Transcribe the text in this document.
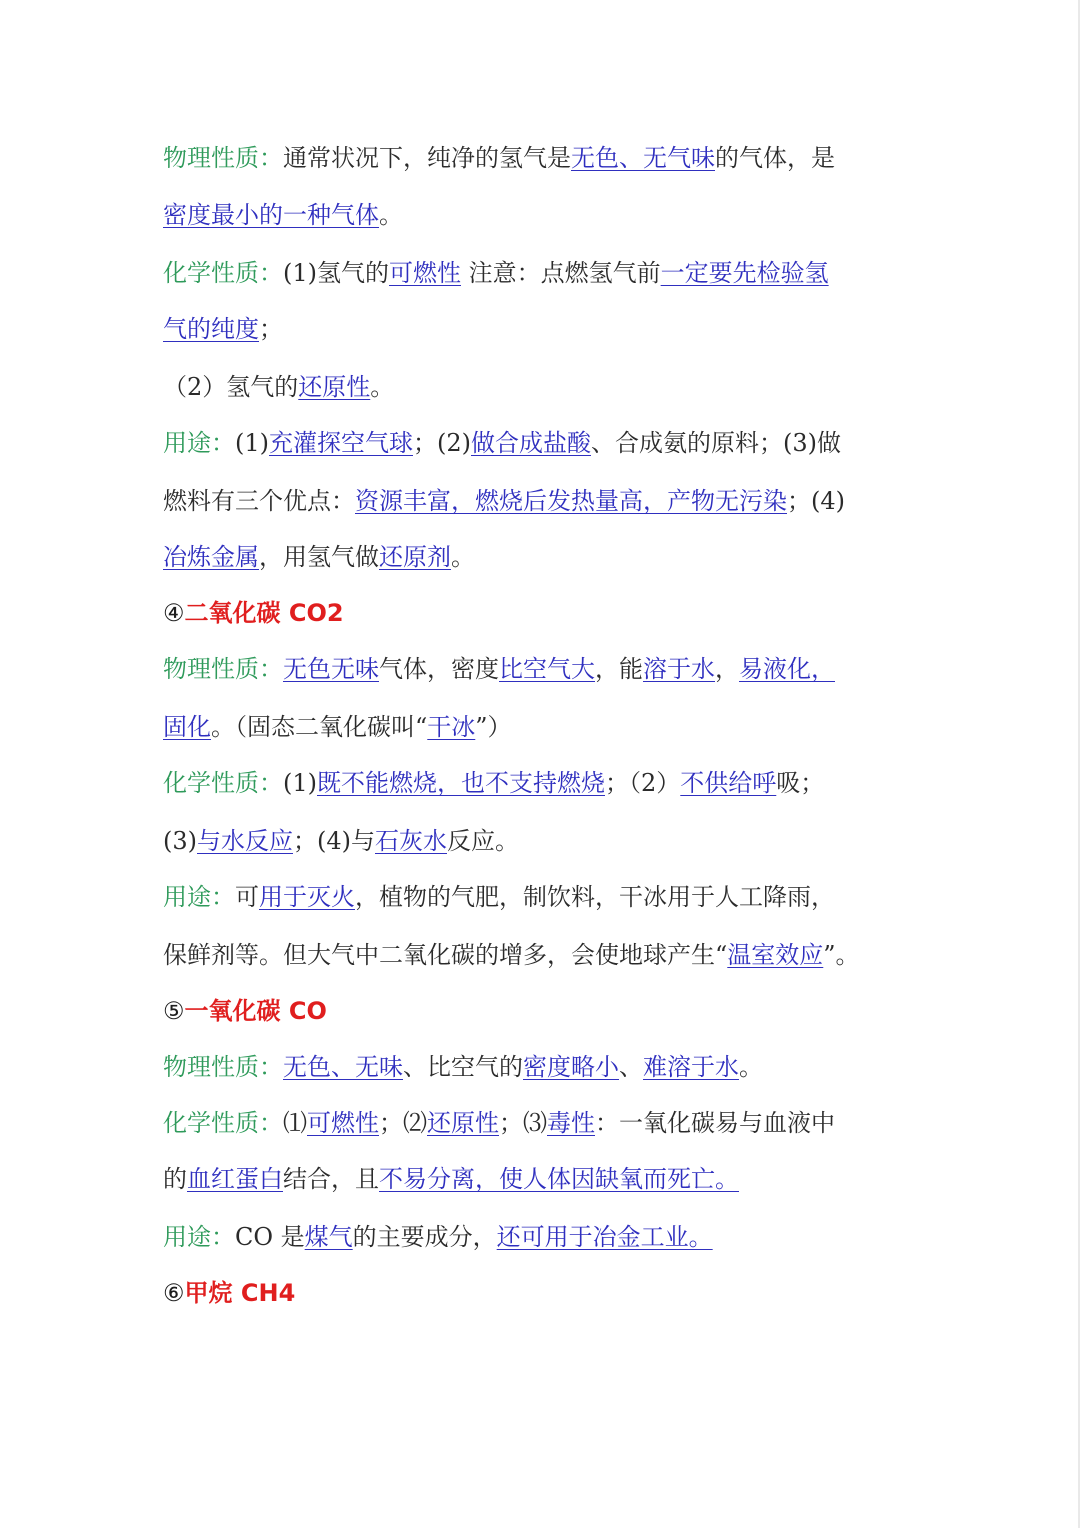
物理性质：通常状况下，纯净的氢气是无色、无气味的气体，是
密度最小的一种气体。
化学性质：(1)氢气的可燃性 注意：点燃氢气前一定要先检验氢
气的纯度；
（2）氢气的还原性。
用途：(1)充灌探空气球；(2)做合成盐酸、合成氨的原料；(3)做
燃料有三个优点：资源丰富，燃烧后发热量高，产物无污染；(4)
冶炼金属，用氢气做还原剂。
④二氧化碳 CO2
物理性质：无色无味气体，密度比空气大，能溶于水，易液化，
固化。（固态二氧化碳叫“干冰”）
化学性质：(1)既不能燃烧，也不支持燃烧；（2）不供给呼吸；
(3)与水反应；(4)与石灰水反应。
用途：可用于灭火，植物的气肥，制饮料，干冰用于人工降雨，
保鲜剂等。但大气中二氧化碳的增多，会使地球产生“温室效应”。
⑤一氧化碳 CO
物理性质：无色、无味、比空气的密度略小、难溶于水。
化学性质：⑴可燃性；⑵还原性；⑶毒性：一氧化碳易与血液中
的血红蛋白结合，且不易分离，使人体因缺氧而死亡。
用途：CO 是煤气的主要成分，还可用于冶金工业。
⑥甲烷 CH4
